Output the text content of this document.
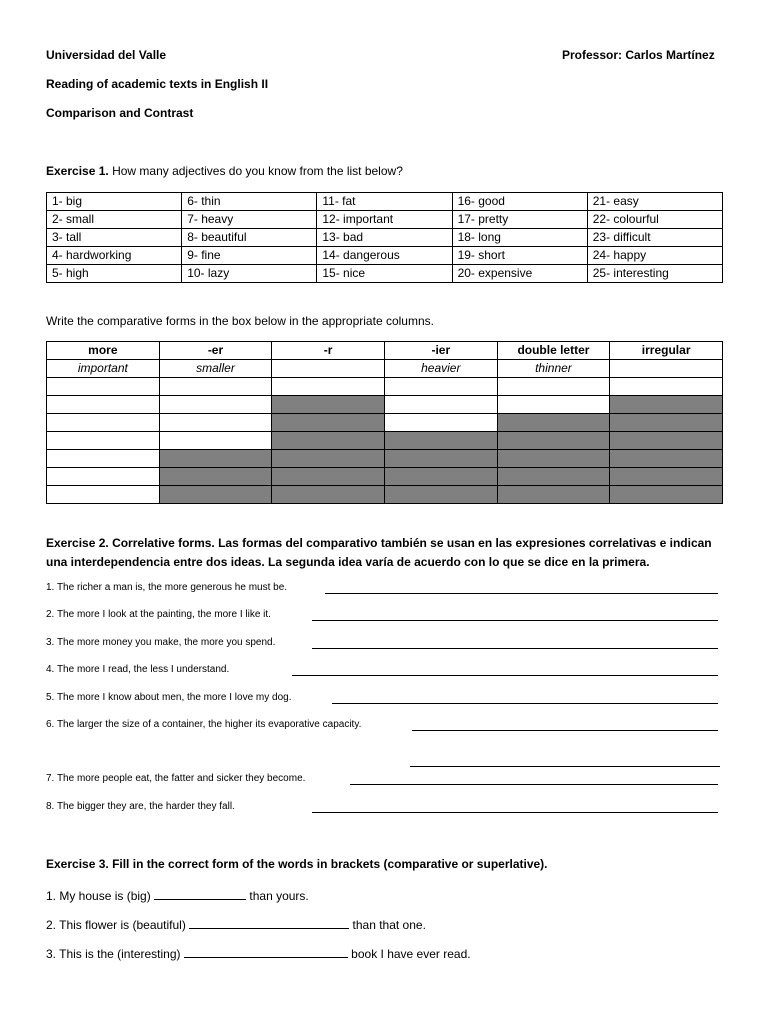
Universidad del Valle	Professor: Carlos Martínez
Reading of academic texts in English II
Comparison and Contrast
Exercise 1. How many adjectives do you know from the list below?
1- big	6- thin	11- fat	16- good	21- easy
2- small	7- heavy	12- important	17- pretty	22- colourful
3- tall	8- beautiful	13- bad	18- long	23- difficult
4- hardworking	9- fine	14- dangerous	19- short	24- happy
5- high	10- lazy	15- nice	20- expensive	25- interesting
Write the comparative forms in the box below in the appropriate columns.
more	-er	-r	-ier	double letter	irregular
important	smaller		heavier	thinner	

Exercise 2. Correlative forms. Las formas del comparativo también se usan en las expresiones correlativas e indican una interdependencia entre dos ideas. La segunda idea varía de acuerdo con lo que se dice en la primera.
1. The richer a man is, the more generous he must be.
2. The more I look at the painting, the more I like it.
3. The more money you make, the more you spend.
4. The more I read, the less I understand.
5. The more I know about men, the more I love my dog.
6. The larger the size of a container, the higher its evaporative capacity.
7. The more people eat, the fatter and sicker they become.
8. The bigger they are, the harder they fall.
Exercise 3. Fill in the correct form of the words in brackets (comparative or superlative).
1. My house is (big)	than yours.
2. This flower is (beautiful)	than that one.
3. This is the (interesting)	book I have ever read.
